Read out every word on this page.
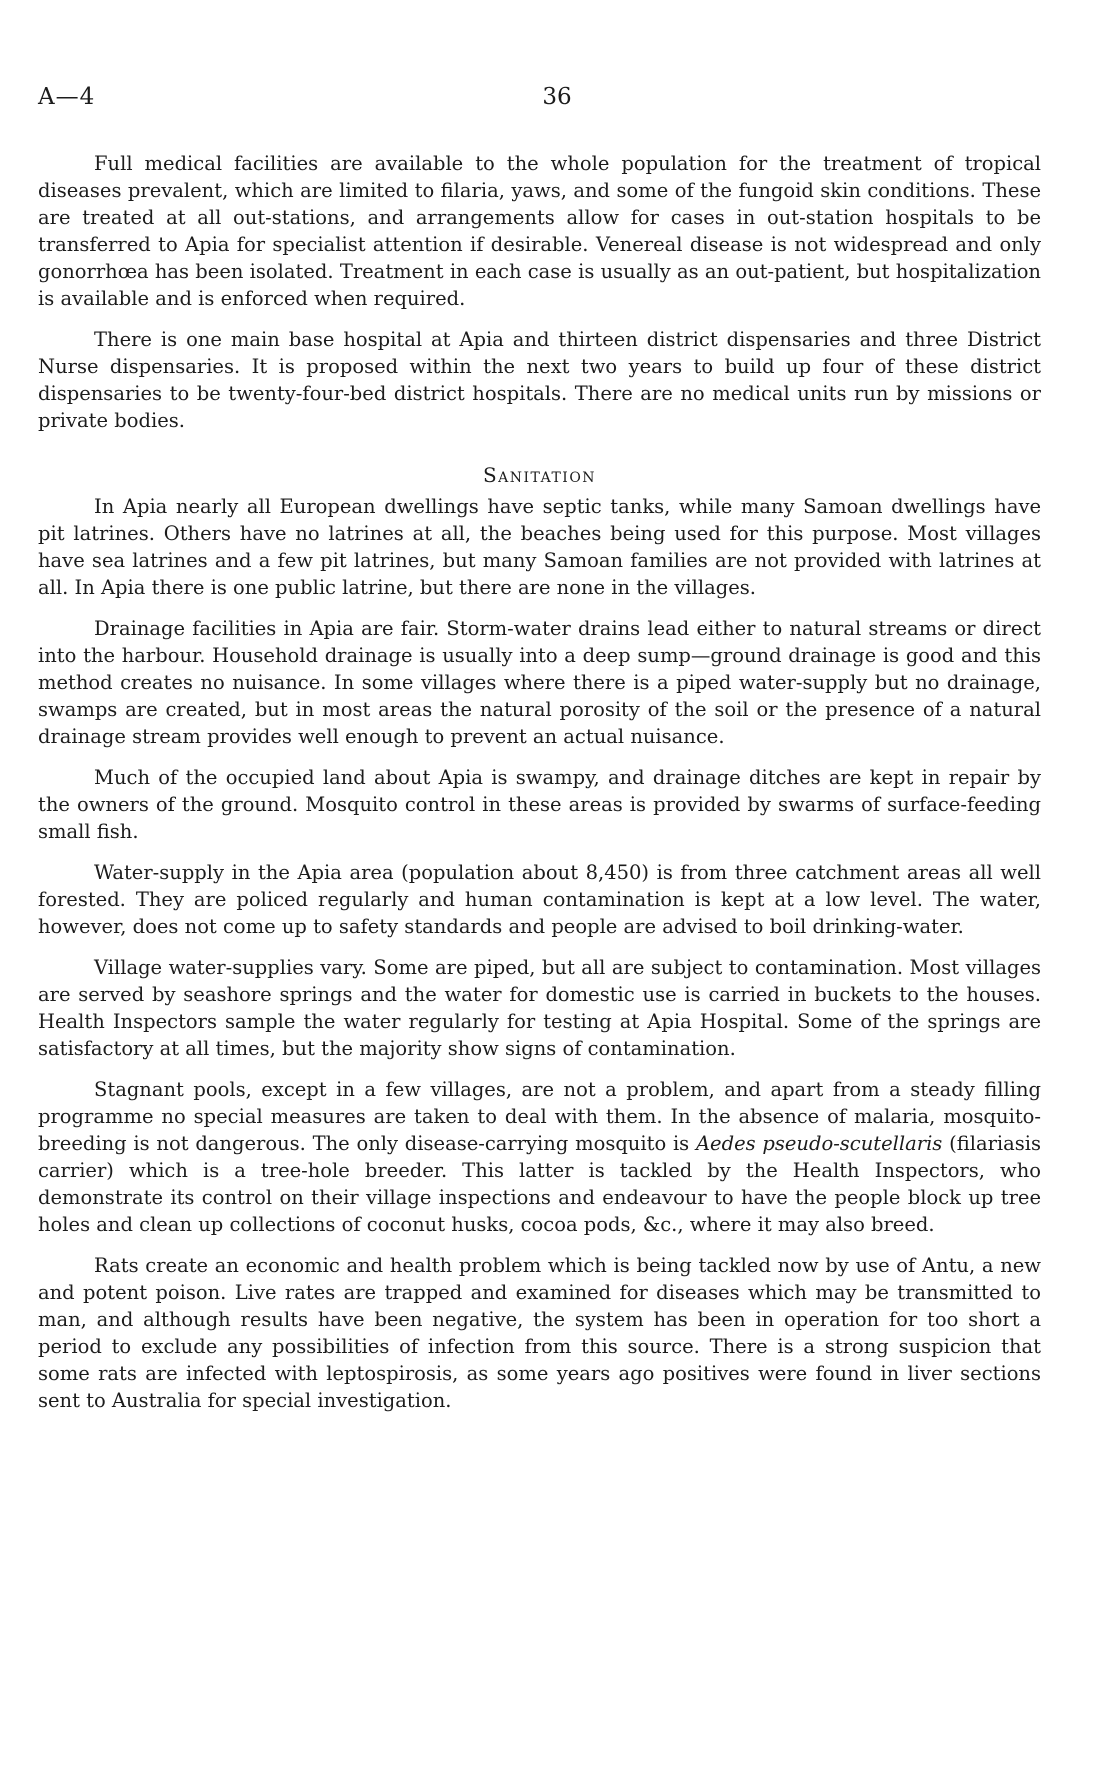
A—4	36

Full medical facilities are available to the whole population for the treatment of tropical diseases prevalent, which are limited to filaria, yaws, and some of the fungoid skin conditions. These are treated at all out-stations, and arrangements allow for cases in out-station hospitals to be transferred to Apia for specialist attention if desirable. Venereal disease is not widespread and only gonorrhœa has been isolated. Treatment in each case is usually as an out-patient, but hospitalization is available and is enforced when required.

There is one main base hospital at Apia and thirteen district dispensaries and three District Nurse dispensaries. It is proposed within the next two years to build up four of these district dispensaries to be twenty-four-bed district hospitals. There are no medical units run by missions or private bodies.

Sanitation

In Apia nearly all European dwellings have septic tanks, while many Samoan dwellings have pit latrines. Others have no latrines at all, the beaches being used for this purpose. Most villages have sea latrines and a few pit latrines, but many Samoan families are not provided with latrines at all. In Apia there is one public latrine, but there are none in the villages.

Drainage facilities in Apia are fair. Storm-water drains lead either to natural streams or direct into the harbour. Household drainage is usually into a deep sump—ground drainage is good and this method creates no nuisance. In some villages where there is a piped water-supply but no drainage, swamps are created, but in most areas the natural porosity of the soil or the presence of a natural drainage stream provides well enough to prevent an actual nuisance.

Much of the occupied land about Apia is swampy, and drainage ditches are kept in repair by the owners of the ground. Mosquito control in these areas is provided by swarms of surface-feeding small fish.

Water-supply in the Apia area (population about 8,450) is from three catchment areas all well forested. They are policed regularly and human contamination is kept at a low level. The water, however, does not come up to safety standards and people are advised to boil drinking-water.

Village water-supplies vary. Some are piped, but all are subject to contamination. Most villages are served by seashore springs and the water for domestic use is carried in buckets to the houses. Health Inspectors sample the water regularly for testing at Apia Hospital. Some of the springs are satisfactory at all times, but the majority show signs of contamination.

Stagnant pools, except in a few villages, are not a problem, and apart from a steady filling programme no special measures are taken to deal with them. In the absence of malaria, mosquito-breeding is not dangerous. The only disease-carrying mosquito is Aedes pseudo-scutellaris (filariasis carrier) which is a tree-hole breeder. This latter is tackled by the Health Inspectors, who demonstrate its control on their village inspections and endeavour to have the people block up tree holes and clean up collections of coconut husks, cocoa pods, &c., where it may also breed.

Rats create an economic and health problem which is being tackled now by use of Antu, a new and potent poison. Live rates are trapped and examined for diseases which may be transmitted to man, and although results have been negative, the system has been in operation for too short a period to exclude any possibilities of infection from this source. There is a strong suspicion that some rats are infected with leptospirosis, as some years ago positives were found in liver sections sent to Australia for special investigation.
